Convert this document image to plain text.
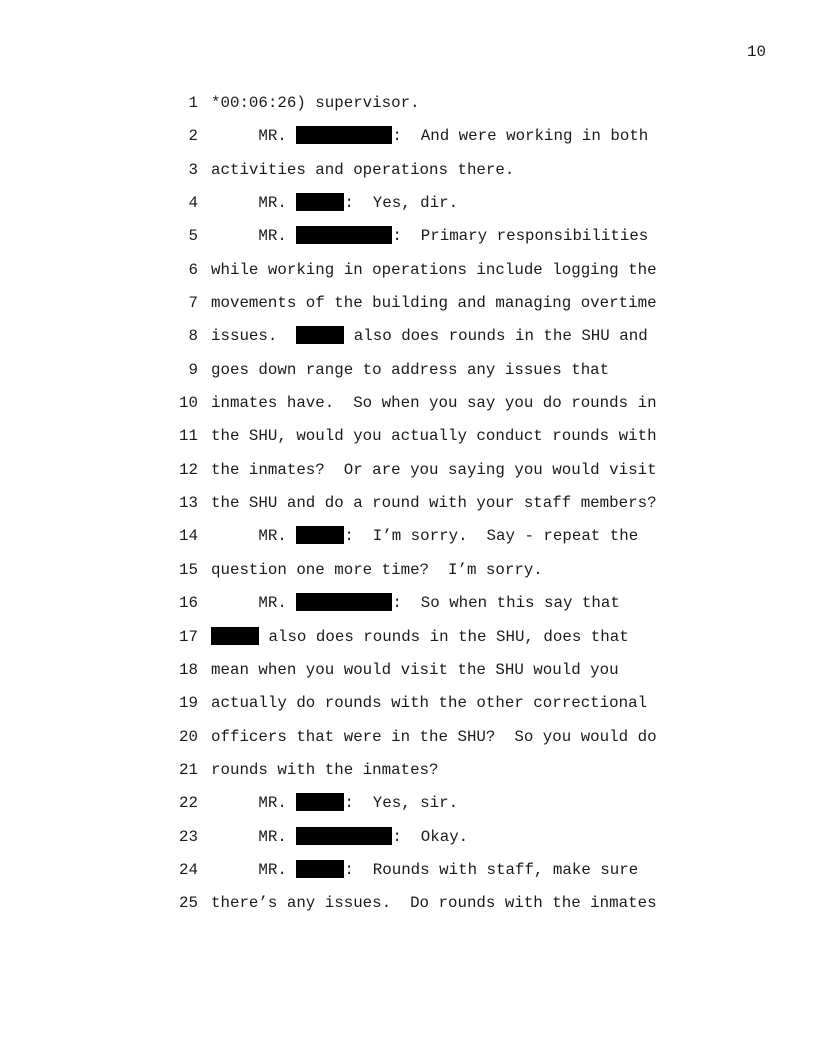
10
1 *00:06:26) supervisor.
2 MR.	:  And were working in both
3 activities and operations there.
4 MR.	:  Yes, dir.
5 MR.	:  Primary responsibilities
6 while working in operations include logging the
7 movements of the building and managing overtime
8 issues.	also does rounds in the SHU and
9 goes down range to address any issues that
10 inmates have.  So when you say you do rounds in
11 the SHU, would you actually conduct rounds with
12 the inmates?  Or are you saying you would visit
13 the SHU and do a round with your staff members?
14 MR.	:  I’m sorry.  Say - repeat the
15 question one more time?  I’m sorry.
16 MR.	:  So when this say that
17	also does rounds in the SHU, does that
18 mean when you would visit the SHU would you
19 actually do rounds with the other correctional
20 officers that were in the SHU?  So you would do
21 rounds with the inmates?
22 MR.	:  Yes, sir.
23 MR.	:  Okay.
24 MR.	:  Rounds with staff, make sure
25 there’s any issues.  Do rounds with the inmates
